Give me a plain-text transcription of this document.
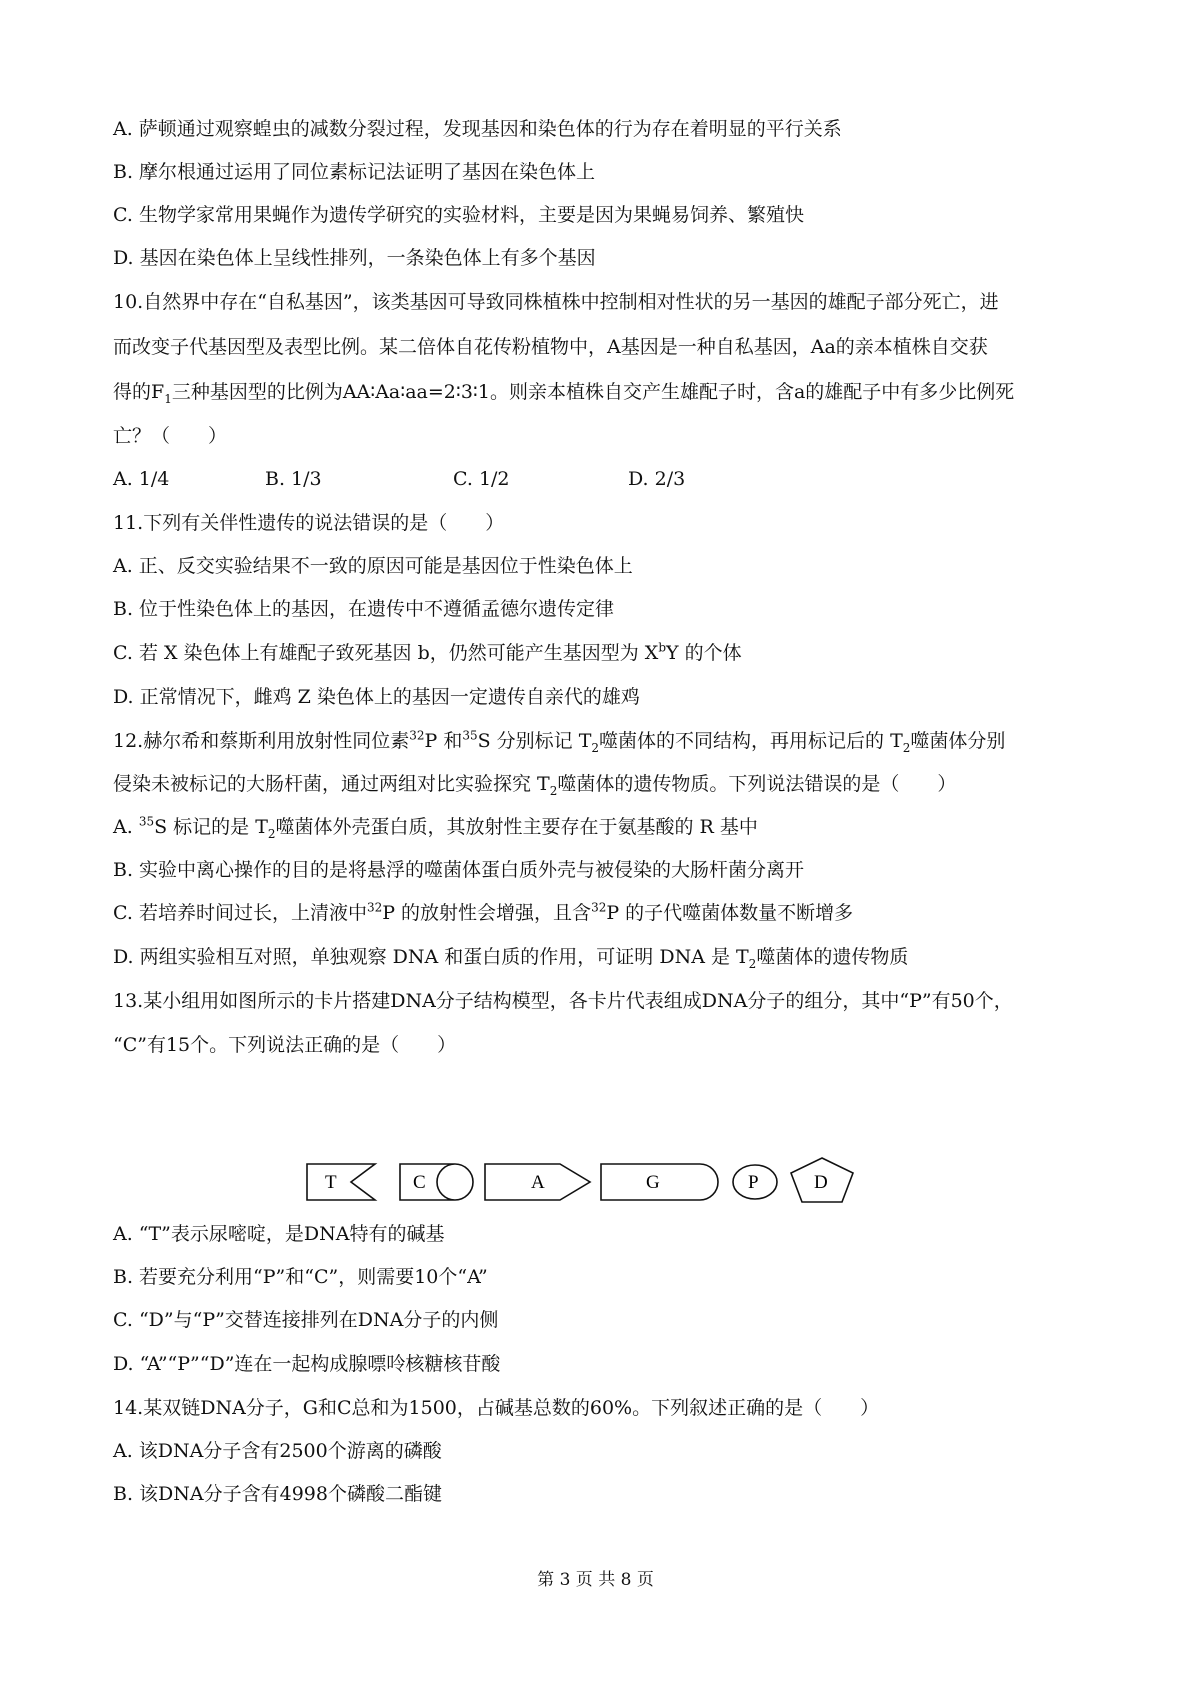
A. 萨顿通过观察蝗虫的减数分裂过程，发现基因和染色体的行为存在着明显的平行关系
B. 摩尔根通过运用了同位素标记法证明了基因在染色体上
C. 生物学家常用果蝇作为遗传学研究的实验材料，主要是因为果蝇易饲养、繁殖快
D. 基因在染色体上呈线性排列，一条染色体上有多个基因
10.自然界中存在“自私基因”，该类基因可导致同株植株中控制相对性状的另一基因的雄配子部分死亡，进
而改变子代基因型及表型比例。某二倍体自花传粉植物中，A基因是一种自私基因，Aa的亲本植株自交获
得的$F_1$三种基因型的比例为AA∶Aa∶aa=2∶3∶1。则亲本植株自交产生雄配子时，含a的雄配子中有多少比例死
亡？（　　）
A. 1/4	B. 1/3	C. 1/2	D. 2/3
11.下列有关伴性遗传的说法错误的是（　　）
A. 正、反交实验结果不一致的原因可能是基因位于性染色体上
B. 位于性染色体上的基因，在遗传中不遵循孟德尔遗传定律
C. 若 X 染色体上有雄配子致死基因 b，仍然可能产生基因型为 $X^bY$ 的个体
D. 正常情况下，雌鸡 Z 染色体上的基因一定遗传自亲代的雄鸡
12.赫尔希和蔡斯利用放射性同位素$^{32}$P 和$^{35}$S 分别标记 $T_2$噬菌体的不同结构，再用标记后的 $T_2$噬菌体分别
侵染未被标记的大肠杆菌，通过两组对比实验探究 $T_2$噬菌体的遗传物质。下列说法错误的是（　　）
A. $^{35}$S 标记的是 $T_2$噬菌体外壳蛋白质，其放射性主要存在于氨基酸的 R 基中
B. 实验中离心操作的目的是将悬浮的噬菌体蛋白质外壳与被侵染的大肠杆菌分离开
C. 若培养时间过长，上清液中$^{32}$P 的放射性会增强，且含$^{32}$P 的子代噬菌体数量不断增多
D. 两组实验相互对照，单独观察 DNA 和蛋白质的作用，可证明 DNA 是 $T_2$噬菌体的遗传物质
13.某小组用如图所示的卡片搭建DNA分子结构模型，各卡片代表组成DNA分子的组分，其中“P”有50个，
“C”有15个。下列说法正确的是（　　）
T	C	A	G	P	D
A. “T”表示尿嘧啶，是DNA特有的碱基
B. 若要充分利用“P”和“C”，则需要10个“A”
C. “D”与“P”交替连接排列在DNA分子的内侧
D. “A”“P”“D”连在一起构成腺嘌呤核糖核苷酸
14.某双链DNA分子，G和C总和为1500，占碱基总数的60%。下列叙述正确的是（　　）
A. 该DNA分子含有2500个游离的磷酸
B. 该DNA分子含有4998个磷酸二酯键
第 3 页 共 8 页
